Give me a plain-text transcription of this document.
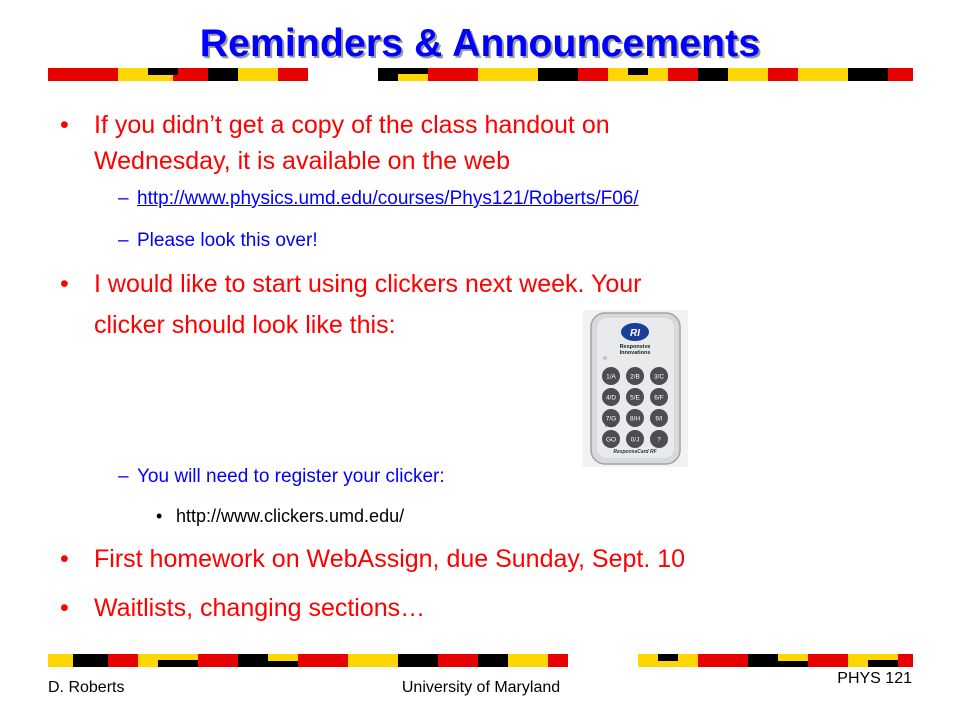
Reminders & Announcements
• If you didn’t get a copy of the class handout on
Wednesday, it is available on the web
– http://www.physics.umd.edu/courses/Phys121/Roberts/F06/
– Please look this over!
• I would like to start using clickers next week. Your
clicker should look like this:	RI
Responsive
Innovations
1/A 2/B 3/C
4/D 5/E 6/F
7/G 8/H 9/I
GO 0/J	?
Login
ResponseCard RF
– You will need to register your clicker:
• http://www.clickers.umd.edu/
• First homework on WebAssign, due Sunday, Sept. 10
• Waitlists, changing sections…
D. Roberts	University of Maryland
PHYS 121
